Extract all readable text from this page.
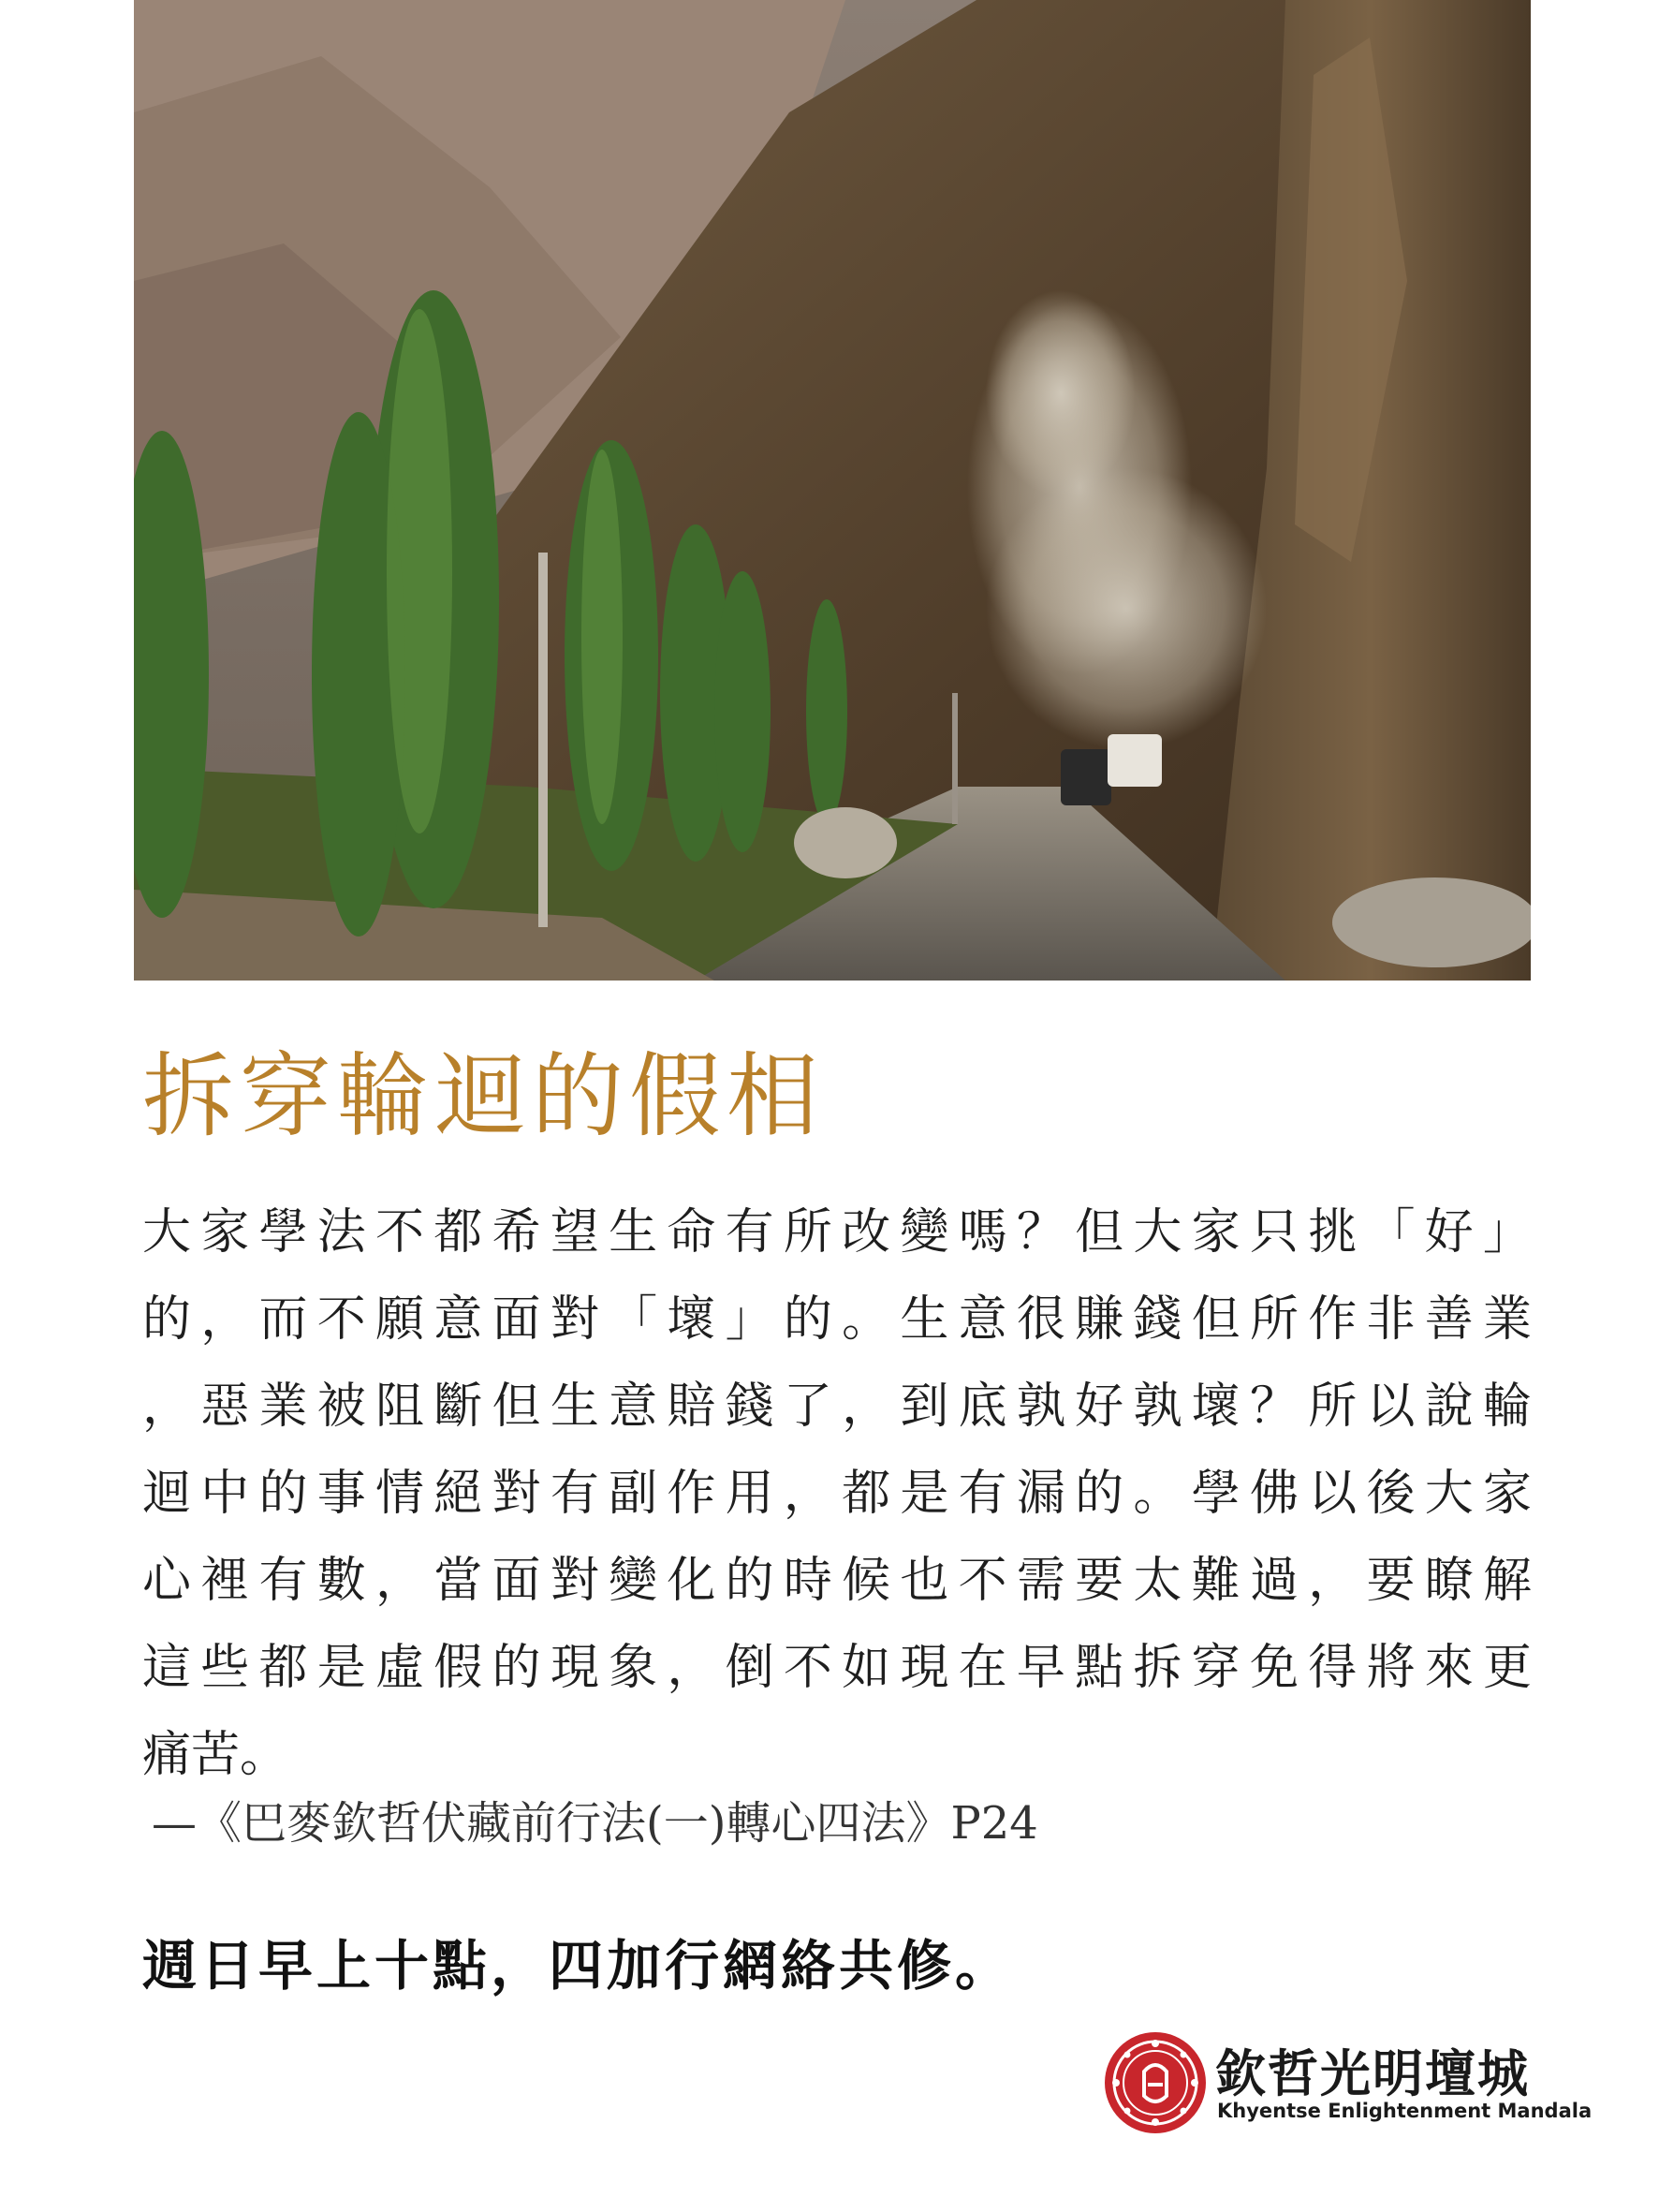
拆穿輪迴的假相
大家學法不都希望生命有所改變嗎？但大家只挑「好」
的，而不願意面對「壞」的。生意很賺錢但所作非善業
，惡業被阻斷但生意賠錢了，到底孰好孰壞？所以說輪
迴中的事情絕對有副作用，都是有漏的。學佛以後大家
心裡有數，當面對變化的時候也不需要太難過，要瞭解
這些都是虛假的現象，倒不如現在早點拆穿免得將來更
痛苦。
—《巴麥欽哲伏藏前行法(一)轉心四法》P24
週日早上十點，四加行網絡共修。
欽哲光明壇城
Khyentse Enlightenment Mandala
